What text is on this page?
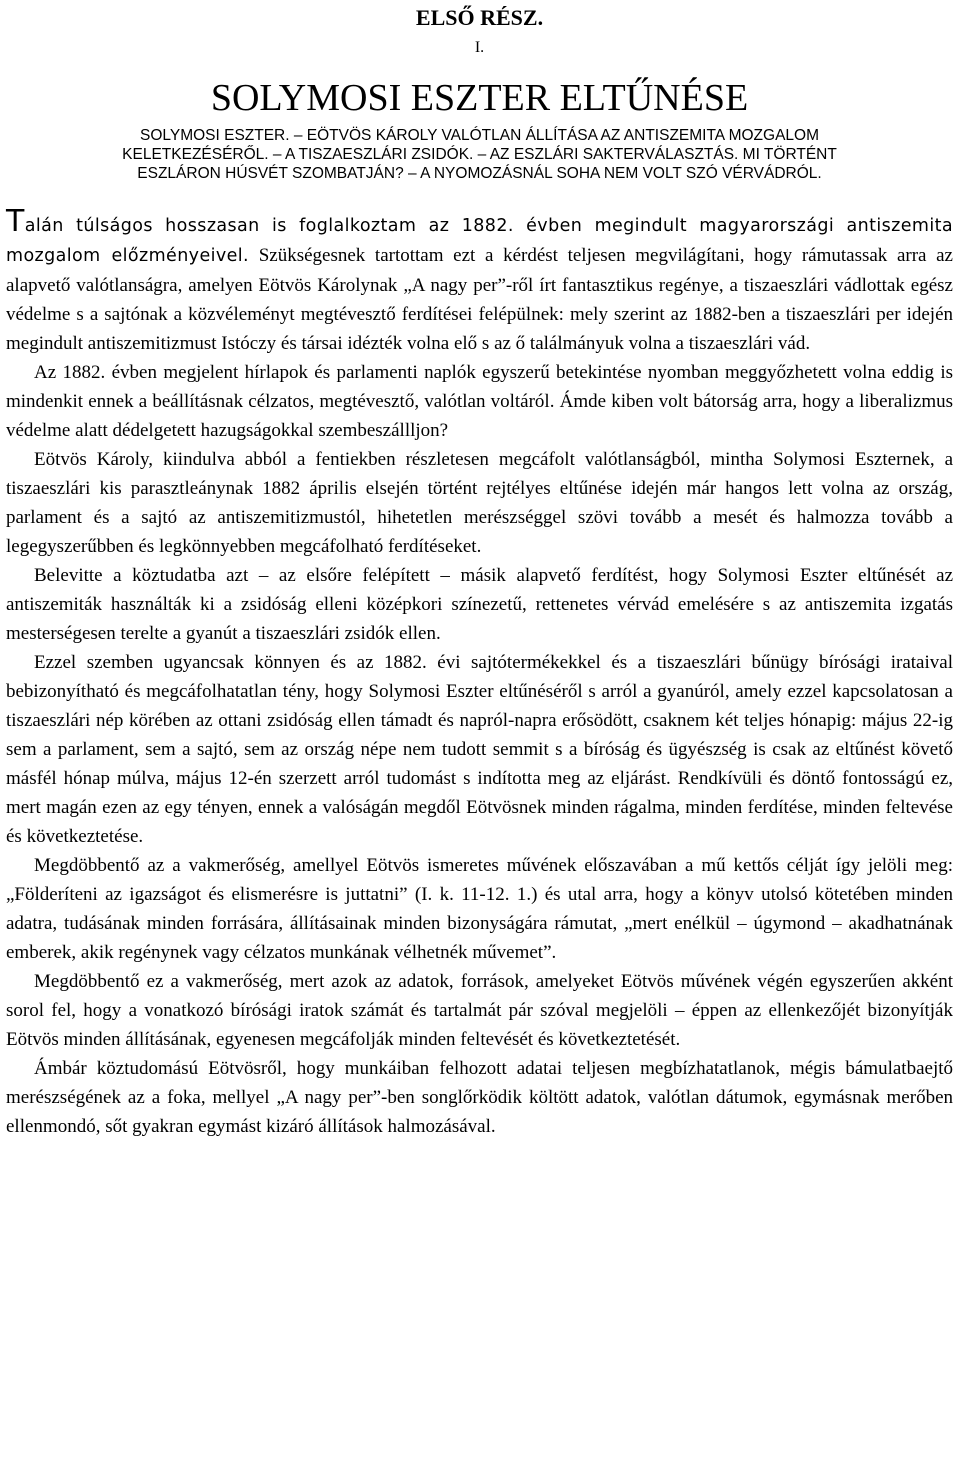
ELSŐ RÉSZ.
I.
SOLYMOSI ESZTER ELTŰNÉSE
SOLYMOSI ESZTER. – EÖTVÖS KÁROLY VALÓTLAN ÁLLÍTÁSA AZ ANTISZEMITA MOZGALOM
KELETKEZÉSÉRŐL. – A TISZAESZLÁRI ZSIDÓK. – AZ ESZLÁRI SAKTERVÁLASZTÁS. MI TÖRTÉNT
ESZLÁRON HÚSVÉT SZOMBATJÁN? – A NYOMOZÁSNÁL SOHA NEM VOLT SZÓ VÉRVÁDRÓL.

Talán túlságos hosszasan is foglalkoztam az 1882. évben megindult magyarországi antiszemita mozgalom előzményeivel. Szükségesnek tartottam ezt a kérdést teljesen megvilágítani, hogy rámutassak arra az alapvető valótlanságra, amelyen Eötvös Károlynak „A nagy per”-ről írt fantasztikus regénye, a tiszaeszlári vádlottak egész védelme s a sajtónak a közvéleményt megtévesztő ferdítései felépülnek: mely szerint az 1882-ben a tiszaeszlári per idején megindult antiszemitizmust Istóczy és társai idézték volna elő s az ő találmányuk volna a tiszaeszlári vád.

Az 1882. évben megjelent hírlapok és parlamenti naplók egyszerű betekintése nyomban meggyőzhetett volna eddig is mindenkit ennek a beállításnak célzatos, megtévesztő, valótlan voltáról. Ámde kiben volt bátorság arra, hogy a liberalizmus védelme alatt dédelgetett hazugságokkal szembeszállljon?

Eötvös Károly, kiindulva abból a fentiekben részletesen megcáfolt valótlanságból, mintha Solymosi Eszternek, a tiszaeszlári kis parasztleánynak 1882 április elsején történt rejtélyes eltűnése idején már hangos lett volna az ország, parlament és a sajtó az antiszemitizmustól, hihetetlen merészséggel szövi tovább a mesét és halmozza tovább a legegyszerűbben és legkönnyebben megcáfolható ferdítéseket.

Belevitte a köztudatba azt – az elsőre felépített – másik alapvető ferdítést, hogy Solymosi Eszter eltűnését az antiszemiták használták ki a zsidóság elleni középkori színezetű, rettenetes vérvád emelésére s az antiszemita izgatás mesterségesen terelte a gyanút a tiszaeszlári zsidók ellen.

Ezzel szemben ugyancsak könnyen és az 1882. évi sajtótermékekkel és a tiszaeszlári bűnügy bírósági irataival bebizonyítható és megcáfolhatatlan tény, hogy Solymosi Eszter eltűnéséről s arról a gyanúról, amely ezzel kapcsolatosan a tiszaeszlári nép körében az ottani zsidóság ellen támadt és napról-napra erősödött, csaknem két teljes hónapig: május 22-ig sem a parlament, sem a sajtó, sem az ország népe nem tudott semmit s a bíróság és ügyészség is csak az eltűnést követő másfél hónap múlva, május 12-én szerzett arról tudomást s indította meg az eljárást. Rendkívüli és döntő fontosságú ez, mert magán ezen az egy tényen, ennek a valóságán megdől Eötvösnek minden rágalma, minden ferdítése, minden feltevése és következtetése.

Megdöbbentő az a vakmerőség, amellyel Eötvös ismeretes művének előszavában a mű kettős célját így jelöli meg: „Földeríteni az igazságot és elismerésre is juttatni” (I. k. 11-12. 1.) és utal arra, hogy a könyv utolsó kötetében minden adatra, tudásának minden forrására, állításainak minden bizonyságára rámutat, „mert enélkül – úgymond – akadhatnának emberek, akik regénynek vagy célzatos munkának vélhetnék művemet”.

Megdöbbentő ez a vakmerőség, mert azok az adatok, források, amelyeket Eötvös művének végén egyszerűen akként sorol fel, hogy a vonatkozó bírósági iratok számát és tartalmát pár szóval megjelöli – éppen az ellenkezőjét bizonyítják Eötvös minden állításának, egyenesen megcáfolják minden feltevését és következtetését.

Ámbár köztudomású Eötvösről, hogy munkáiban felhozott adatai teljesen megbízhatatlanok, mégis bámulatbaejtő merészségének az a foka, mellyel „A nagy per”-ben songlőrködik költött adatok, valótlan dátumok, egymásnak merőben ellenmondó, sőt gyakran egymást kizáró állítások halmozásával.
